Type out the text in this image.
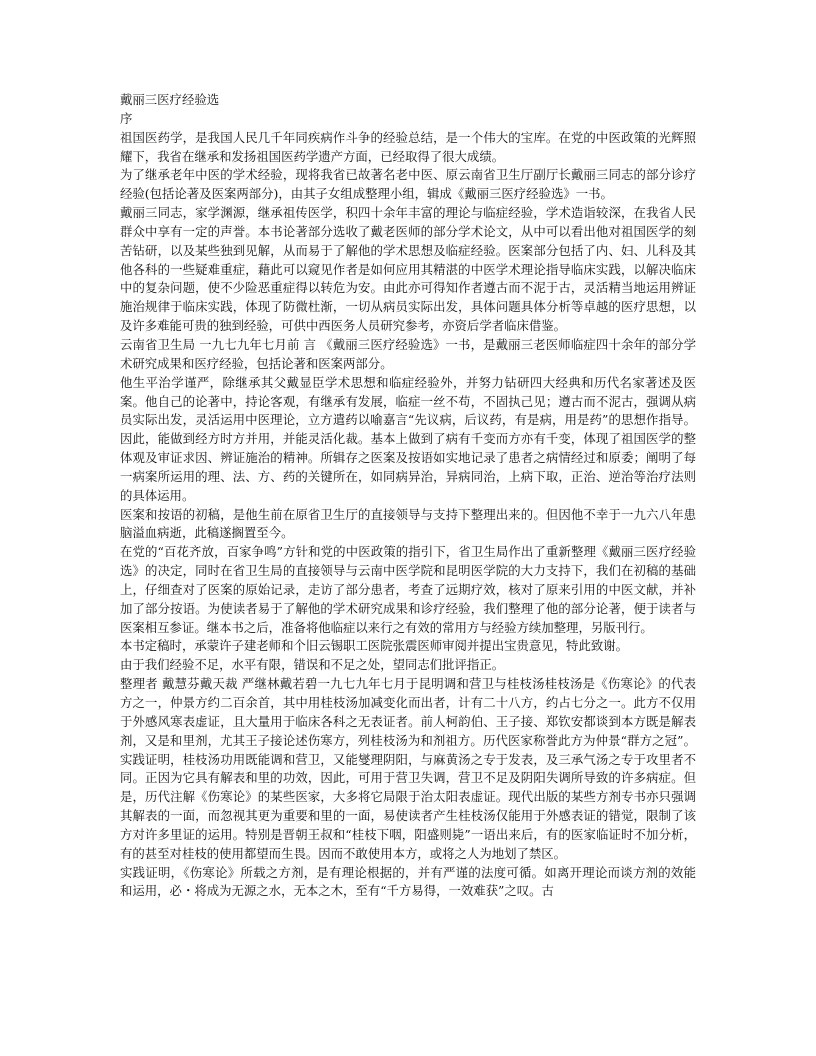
戴丽三医疗经验选
序
祖国医药学，是我国人民几千年同疾病作斗争的经验总结，是一个伟大的宝库。在党的中医政策的光辉照耀下，我省在继承和发扬祖国医药学遗产方面，已经取得了很大成绩。
为了继承老年中医的学术经验，现将我省已故著名老中医、原云南省卫生厅副厅长戴丽三同志的部分诊疗经验(包括论著及医案两部分)，由其子女组成整理小组，辑成《戴丽三医疗经验选》一书。
戴丽三同志，家学渊源，继承祖传医学，积四十余年丰富的理论与临症经验，学术造诣较深，在我省人民群众中享有一定的声誉。本书论著部分选收了戴老医师的部分学术论文，从中可以看出他对祖国医学的刻苦钻研，以及某些独到见解，从而易于了解他的学术思想及临症经验。医案部分包括了内、妇、儿科及其他各科的一些疑难重症，藉此可以窥见作者是如何应用其精湛的中医学术理论指导临床实践，以解决临床中的复杂问题，使不少险恶重症得以转危为安。由此亦可得知作者遵古而不泥于古，灵活精当地运用辨证施治规律于临床实践，体现了防微杜渐，一切从病员实际出发，具体问题具体分析等卓越的医疗思想，以及许多难能可贵的独到经验，可供中西医务人员研究参考，亦资后学者临床借鉴。
云南省卫生局 一九七九年七月前 言 《戴丽三医疗经验选》一书，是戴丽三老医师临症四十余年的部分学术研究成果和医疗经验，包括论著和医案两部分。
他生平治学谨严，除继承其父戴显臣学术思想和临症经验外，并努力钻研四大经典和历代名家著述及医案。他自己的论著中，持论客观，有继承有发展，临症一丝不苟，不固执己见；遵古而不泥古，强调从病员实际出发，灵活运用中医理论，立方遣药以喻嘉言“先议病，后议药，有是病，用是药”的思想作指导。因此，能做到经方时方并用，并能灵活化裁。基本上做到了病有千变而方亦有千变，体现了祖国医学的整体观及审证求因、辨证施治的精神。所辑存之医案及按语如实地记录了患者之病情经过和原委；阐明了每一病案所运用的理、法、方、药的关键所在，如同病异治，异病同治，上病下取，正治、逆治等治疗法则的具体运用。
医案和按语的初稿，是他生前在原省卫生厅的直接领导与支持下整理出来的。但因他不幸于一九六八年患脑溢血病逝，此稿遂搁置至今。
在党的“百花齐放，百家争鸣”方针和党的中医政策的指引下，省卫生局作出了重新整理《戴丽三医疗经验选》的决定，同时在省卫生局的直接领导与云南中医学院和昆明医学院的大力支持下，我们在初稿的基础上，仔细查对了医案的原始记录，走访了部分患者，考查了远期疗效，核对了原来引用的中医文献，并补加了部分按语。为使读者易于了解他的学术研究成果和诊疗经验，我们整理了他的部分论著，便于读者与医案相互参证。继本书之后，准备将他临症以来行之有效的常用方与经验方续加整理，另版刊行。
本书定稿时，承蒙许子建老师和个旧云锡职工医院张震医师审阅并提出宝贵意见，特此致谢。
由于我们经验不足，水平有限，错误和不足之处，望同志们批评指正。
整理者 戴慧芬戴天裁 严继林戴若碧一九七九年七月于昆明调和营卫与桂枝汤桂枝汤是《伤寒论》的代表方之一，仲景方约二百余首，其中用桂枝汤加减变化而出者，计有二十八方，约占七分之一。此方不仅用于外感风寒表虚证，且大量用于临床各科之无表证者。前人柯韵伯、王子接、郑钦安都谈到本方既是解表剂，又是和里剂，尤其王子接论述伤寒方，列桂枝汤为和剂祖方。历代医家称誉此方为仲景“群方之冠”。实践证明，桂枝汤功用既能调和营卫，又能燮理阴阳，与麻黄汤之专于发表，及三承气汤之专于攻里者不同。正因为它具有解表和里的功效，因此，可用于营卫失调，营卫不足及阴阳失调所导致的许多病症。但是，历代注解《伤寒论》的某些医家，大多将它局限于治太阳表虚证。现代出版的某些方剂专书亦只强调其解表的一面，而忽视其更为重要和里的一面，易使读者产生桂枝汤仅能用于外感表证的错觉，限制了该方对许多里证的运用。特别是晋朝王叔和“桂枝下咽，阳盛则毙”一语出来后，有的医家临证时不加分析，有的甚至对桂枝的使用都望而生畏。因而不敢使用本方，或将之人为地划了禁区。
实践证明，《伤寒论》所载之方剂，是有理论根据的，并有严谨的法度可循。如离开理论而谈方剂的效能和运用，必・将成为无源之水，无本之木，至有“千方易得，一效难获”之叹。古
